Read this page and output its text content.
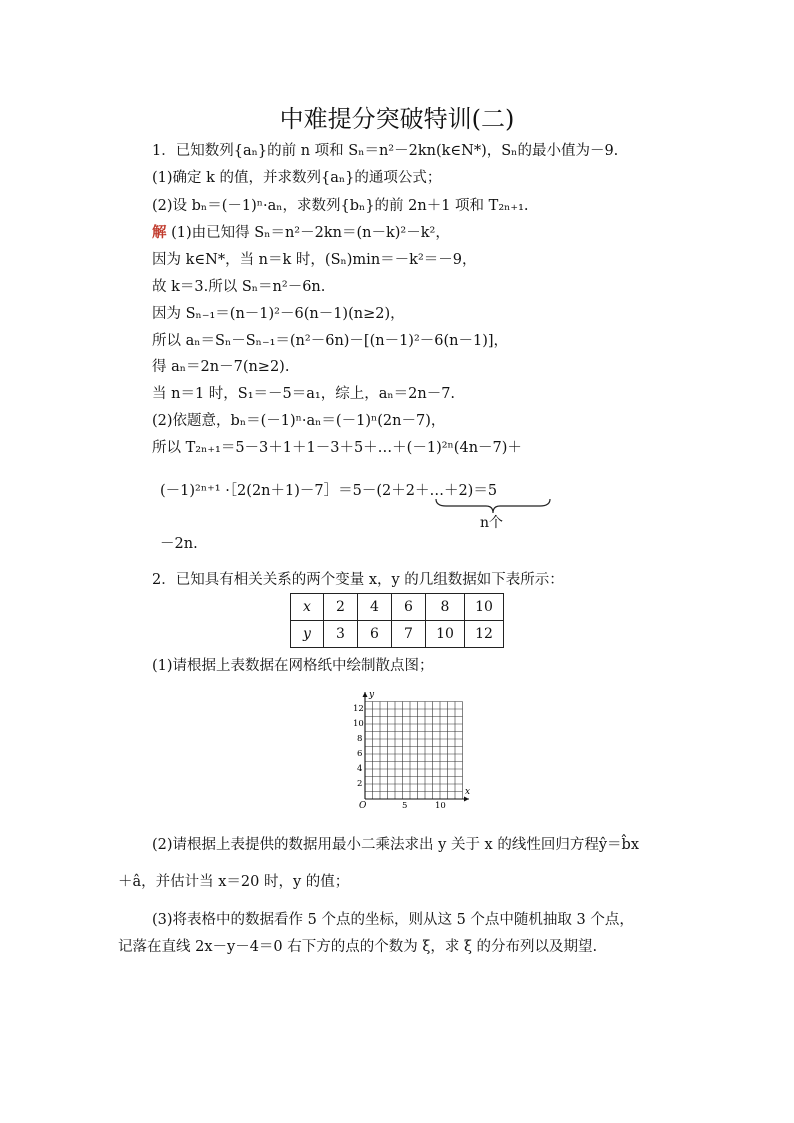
中难提分突破特训(二)
1．已知数列{aₙ}的前 n 项和 Sₙ＝n²－2kn(k∈N*)，Sₙ的最小值为－9.
(1)确定 k 的值，并求数列{aₙ}的通项公式；
(2)设 bₙ＝(－1)ⁿ·aₙ，求数列{bₙ}的前 2n＋1 项和 T₂ₙ₊₁.
解 (1)由已知得 Sₙ＝n²－2kn＝(n－k)²－k²，
因为 k∈N*，当 n＝k 时，(Sₙ)min＝－k²＝－9，
故 k＝3.所以 Sₙ＝n²－6n.
因为 Sₙ₋₁＝(n－1)²－6(n－1)(n≥2)，
所以 aₙ＝Sₙ－Sₙ₋₁＝(n²－6n)－[(n－1)²－6(n－1)]，
得 aₙ＝2n－7(n≥2).
当 n＝1 时，S₁＝－5＝a₁，综上，aₙ＝2n－7.
(2)依题意，bₙ＝(－1)ⁿ·aₙ＝(－1)ⁿ(2n－7)，
所以 T₂ₙ₊₁＝5－3＋1＋1－3＋5＋…＋(－1)²ⁿ(4n－7)＋
(－1)²ⁿ⁺¹ ·［2(2n＋1)－7］＝5－(2＋2＋…＋2)＝5
n个
－2n.
2．已知具有相关关系的两个变量 x，y 的几组数据如下表所示：
x	2	4	6	8	10
y	3	6	7	10	12
(1)请根据上表数据在网格纸中绘制散点图；
y
x
O	5	10
12
10
8
6
4
2
(2)请根据上表提供的数据用最小二乘法求出 y 关于 x 的线性回归方程ŷ＝b̂x
＋â，并估计当 x＝20 时，y 的值；
(3)将表格中的数据看作 5 个点的坐标，则从这 5 个点中随机抽取 3 个点，
记落在直线 2x－y－4＝0 右下方的点的个数为 ξ，求 ξ 的分布列以及期望.
